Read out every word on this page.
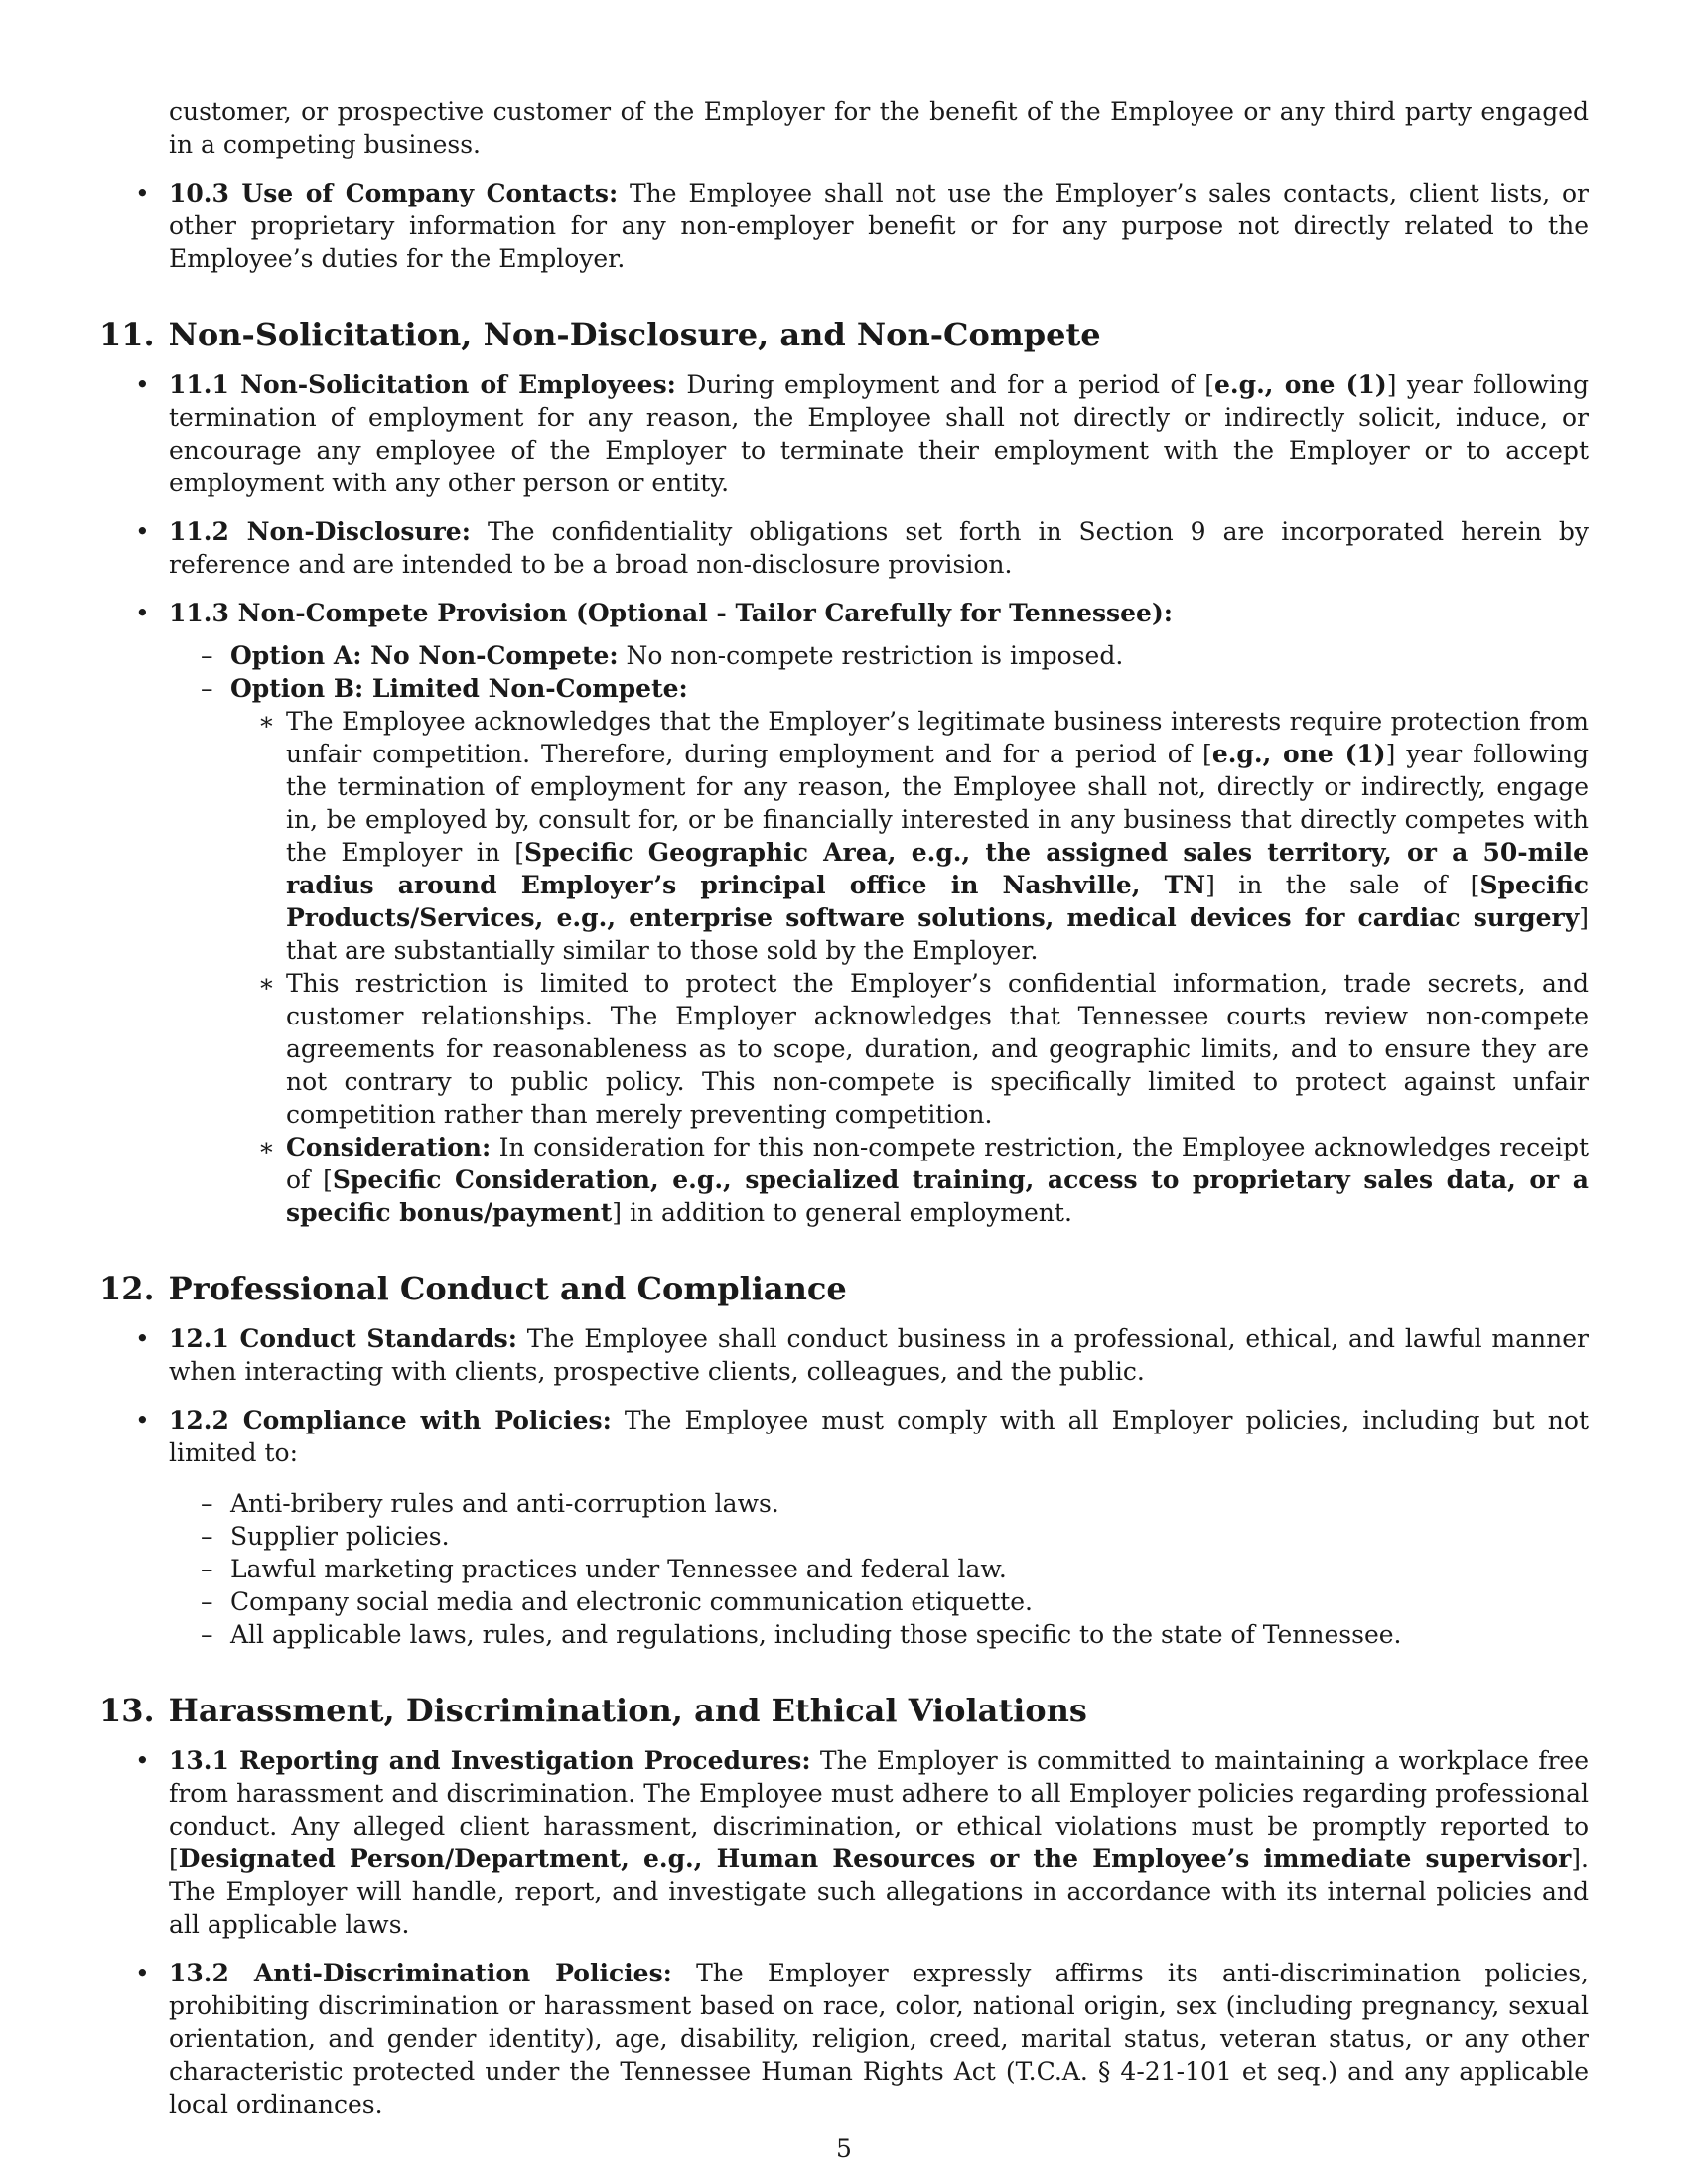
customer, or prospective customer of the Employer for the benefit of the Employee or any third party engaged in a competing business.
• 10.3 Use of Company Contacts: The Employee shall not use the Employer’s sales contacts, client lists, or other proprietary information for any non-employer benefit or for any purpose not directly related to the Employee’s duties for the Employer.
11. Non-Solicitation, Non-Disclosure, and Non-Compete
• 11.1 Non-Solicitation of Employees: During employment and for a period of [e.g., one (1)] year following termination of employment for any reason, the Employee shall not directly or indirectly solicit, induce, or encourage any employee of the Employer to terminate their employment with the Employer or to accept employment with any other person or entity.
• 11.2 Non-Disclosure: The confidentiality obligations set forth in Section 9 are incorporated herein by reference and are intended to be a broad non-disclosure provision.
• 11.3 Non-Compete Provision (Optional - Tailor Carefully for Tennessee):
– Option A: No Non-Compete: No non-compete restriction is imposed.
– Option B: Limited Non-Compete:
∗ The Employee acknowledges that the Employer’s legitimate business interests require protection from unfair competition. Therefore, during employment and for a period of [e.g., one (1)] year following the termination of employment for any reason, the Employee shall not, directly or indirectly, engage in, be employed by, consult for, or be financially interested in any business that directly competes with the Employer in [Specific Geographic Area, e.g., the assigned sales territory, or a 50-mile radius around Employer’s principal office in Nashville, TN] in the sale of [Specific Products/Services, e.g., enterprise software solutions, medical devices for cardiac surgery] that are substantially similar to those sold by the Employer.
∗ This restriction is limited to protect the Employer’s confidential information, trade secrets, and customer relationships. The Employer acknowledges that Tennessee courts review non-compete agreements for reasonableness as to scope, duration, and geographic limits, and to ensure they are not contrary to public policy. This non-compete is specifically limited to protect against unfair competition rather than merely preventing competition.
∗ Consideration: In consideration for this non-compete restriction, the Employee acknowledges receipt of [Specific Consideration, e.g., specialized training, access to proprietary sales data, or a specific bonus/payment] in addition to general employment.
12. Professional Conduct and Compliance
• 12.1 Conduct Standards: The Employee shall conduct business in a professional, ethical, and lawful manner when interacting with clients, prospective clients, colleagues, and the public.
• 12.2 Compliance with Policies: The Employee must comply with all Employer policies, including but not limited to:
– Anti-bribery rules and anti-corruption laws.
– Supplier policies.
– Lawful marketing practices under Tennessee and federal law.
– Company social media and electronic communication etiquette.
– All applicable laws, rules, and regulations, including those specific to the state of Tennessee.
13. Harassment, Discrimination, and Ethical Violations
• 13.1 Reporting and Investigation Procedures: The Employer is committed to maintaining a workplace free from harassment and discrimination. The Employee must adhere to all Employer policies regarding professional conduct. Any alleged client harassment, discrimination, or ethical violations must be promptly reported to [Designated Person/Department, e.g., Human Resources or the Employee’s immediate supervisor]. The Employer will handle, report, and investigate such allegations in accordance with its internal policies and all applicable laws.
• 13.2 Anti-Discrimination Policies: The Employer expressly affirms its anti-discrimination policies, prohibiting discrimination or harassment based on race, color, national origin, sex (including pregnancy, sexual orientation, and gender identity), age, disability, religion, creed, marital status, veteran status, or any other characteristic protected under the Tennessee Human Rights Act (T.C.A. § 4-21-101 et seq.) and any applicable local ordinances.
5
